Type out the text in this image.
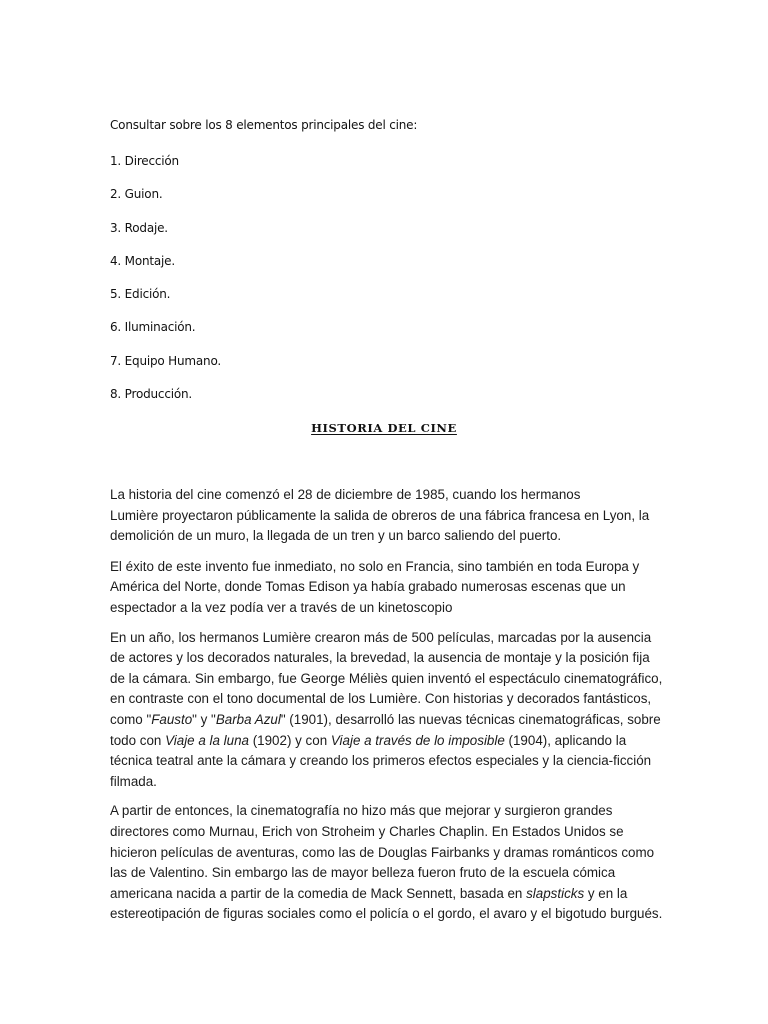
Consultar sobre los 8 elementos principales del cine:

1. Dirección
2. Guion.
3. Rodaje.
4. Montaje.
5. Edición.
6. Iluminación.
7. Equipo Humano.
8. Producción.
HISTORIA DEL CINE

La historia del cine comenzó el 28 de diciembre de 1985, cuando los hermanos
Lumière proyectaron públicamente la salida de obreros de una fábrica francesa en Lyon, la demolición de un muro, la llegada de un tren y un barco saliendo del puerto.

El éxito de este invento fue inmediato, no solo en Francia, sino también en toda Europa y América del Norte, donde Tomas Edison ya había grabado numerosas escenas que un espectador a la vez podía ver a través de un kinetoscopio

En un año, los hermanos Lumière crearon más de 500 películas, marcadas por la ausencia de actores y los decorados naturales, la brevedad, la ausencia de montaje y la posición fija de la cámara. Sin embargo, fue George Méliès quien inventó el espectáculo cinematográfico, en contraste con el tono documental de los Lumière. Con historias y decorados fantásticos, como "Fausto" y "Barba Azul" (1901), desarrolló las nuevas técnicas cinematográficas, sobre todo con Viaje a la luna (1902) y con Viaje a través de lo imposible (1904), aplicando la técnica teatral ante la cámara y creando los primeros efectos especiales y la ciencia-ficción filmada.

A partir de entonces, la cinematografía no hizo más que mejorar y surgieron grandes directores como Murnau, Erich von Stroheim y Charles Chaplin. En Estados Unidos se hicieron películas de aventuras, como las de Douglas Fairbanks y dramas románticos como las de Valentino. Sin embargo las de mayor belleza fueron fruto de la escuela cómica americana nacida a partir de la comedia de Mack Sennett, basada en slapsticks y en la estereotipación de figuras sociales como el policía o el gordo, el avaro y el bigotudo burgués.
